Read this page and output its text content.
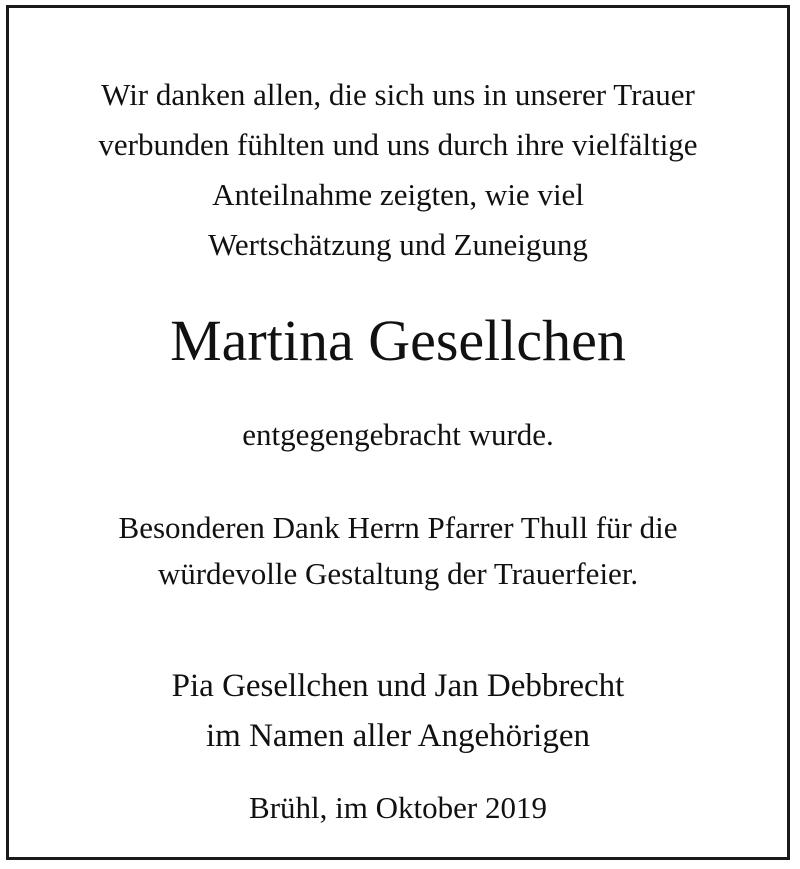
Wir danken allen, die sich uns in unserer Trauer
verbunden fühlten und uns durch ihre vielfältige
Anteilnahme zeigten, wie viel
Wertschätzung und Zuneigung
Martina Gesellchen
entgegengebracht wurde.
Besonderen Dank Herrn Pfarrer Thull für die
würdevolle Gestaltung der Trauerfeier.
Pia Gesellchen und Jan Debbrecht
im Namen aller Angehörigen
Brühl, im Oktober 2019
